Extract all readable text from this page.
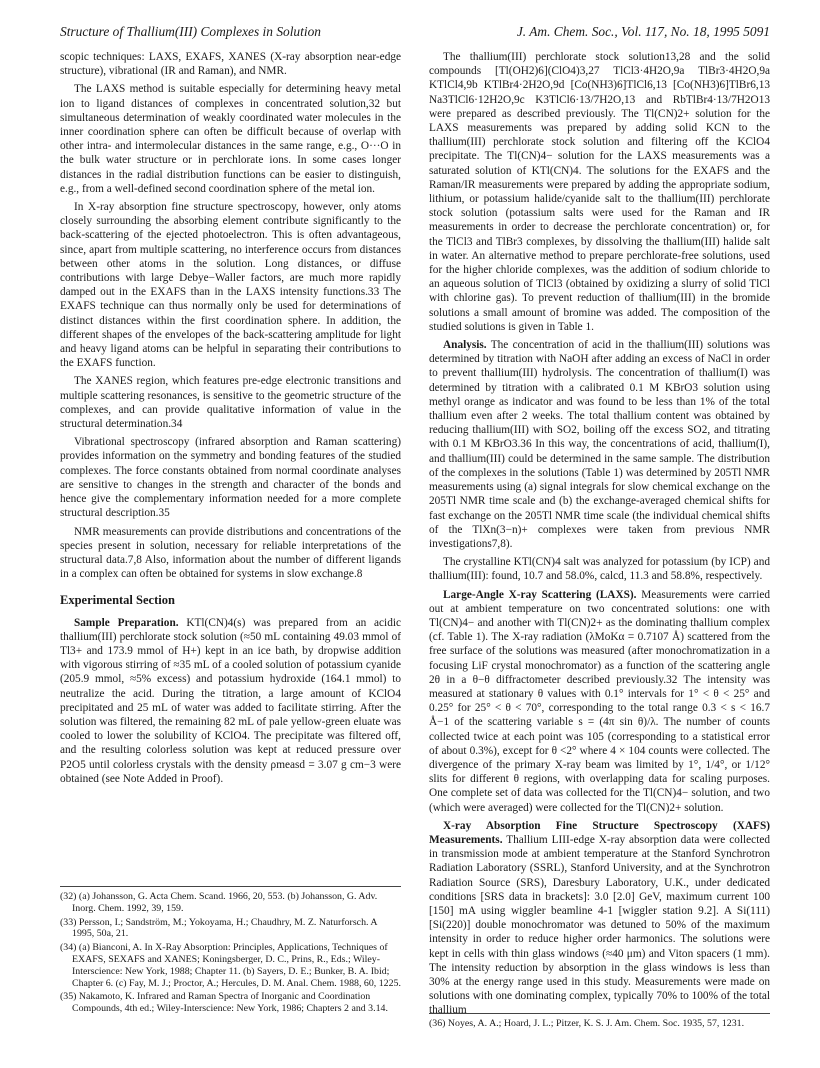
Structure of Thallium(III) Complexes in Solution	J. Am. Chem. Soc., Vol. 117, No. 18, 1995 5091

scopic techniques: LAXS, EXAFS, XANES (X-ray absorption near-edge structure), vibrational (IR and Raman), and NMR.

The LAXS method is suitable especially for determining heavy metal ion to ligand distances of complexes in concentrated solution,32 but simultaneous determination of weakly coordinated water molecules in the inner coordination sphere can often be difficult because of overlap with other intra- and intermolecular distances in the same range, e.g., O···O in the bulk water structure or in perchlorate ions. In some cases longer distances in the radial distribution functions can be easier to distinguish, e.g., from a well-defined second coordination sphere of the metal ion.

In X-ray absorption fine structure spectroscopy, however, only atoms closely surrounding the absorbing element contribute significantly to the back-scattering of the ejected photoelectron. This is often advantageous, since, apart from multiple scattering, no interference occurs from distances between other atoms in the solution. Long distances, or diffuse contributions with large Debye−Waller factors, are much more rapidly damped out in the EXAFS than in the LAXS intensity functions.33 The EXAFS technique can thus normally only be used for determinations of distinct distances within the first coordination sphere. In addition, the different shapes of the envelopes of the back-scattering amplitude for light and heavy ligand atoms can be helpful in separating their contributions to the EXAFS function.

The XANES region, which features pre-edge electronic transitions and multiple scattering resonances, is sensitive to the geometric structure of the complexes, and can provide qualitative information of value in the structural determination.34

Vibrational spectroscopy (infrared absorption and Raman scattering) provides information on the symmetry and bonding features of the studied complexes. The force constants obtained from normal coordinate analyses are sensitive to changes in the strength and character of the bonds and hence give the complementary information needed for a more complete structural description.35

NMR measurements can provide distributions and concentrations of the species present in solution, necessary for reliable interpretations of the structural data.7,8 Also, information about the number of different ligands in a complex can often be obtained for systems in slow exchange.8

Experimental Section

Sample Preparation. KTl(CN)4(s) was prepared from an acidic thallium(III) perchlorate stock solution (≈50 mL containing 49.03 mmol of Tl3+ and 173.9 mmol of H+) kept in an ice bath, by dropwise addition with vigorous stirring of ≈35 mL of a cooled solution of potassium cyanide (205.9 mmol, ≈5% excess) and potassium hydroxide (164.1 mmol) to neutralize the acid. During the titration, a large amount of KClO4 precipitated and 25 mL of water was added to facilitate stirring. After the solution was filtered, the remaining 82 mL of pale yellow-green eluate was cooled to lower the solubility of KClO4. The precipitate was filtered off, and the resulting colorless solution was kept at reduced pressure over P2O5 until colorless crystals with the density ρmeasd = 3.07 g cm−3 were obtained (see Note Added in Proof).

(32) (a) Johansson, G. Acta Chem. Scand. 1966, 20, 553. (b) Johansson, G. Adv. Inorg. Chem. 1992, 39, 159.

(33) Persson, I.; Sandström, M.; Yokoyama, H.; Chaudhry, M. Z. Naturforsch. A 1995, 50a, 21.

(34) (a) Bianconi, A. In X-Ray Absorption: Principles, Applications, Techniques of EXAFS, SEXAFS and XANES; Koningsberger, D. C., Prins, R., Eds.; Wiley-Interscience: New York, 1988; Chapter 11. (b) Sayers, D. E.; Bunker, B. A. Ibid; Chapter 6. (c) Fay, M. J.; Proctor, A.; Hercules, D. M. Anal. Chem. 1988, 60, 1225.

(35) Nakamoto, K. Infrared and Raman Spectra of Inorganic and Coordination Compounds, 4th ed.; Wiley-Interscience: New York, 1986; Chapters 2 and 3.14.

The thallium(III) perchlorate stock solution13,28 and the solid compounds [Tl(OH2)6](ClO4)3,27 TlCl3·4H2O,9a TlBr3·4H2O,9a KTlCl4,9b KTlBr4·2H2O,9d [Co(NH3)6]TlCl6,13 [Co(NH3)6]TlBr6,13 Na3TlCl6·12H2O,9c K3TlCl6·13/7H2O,13 and RbTlBr4·13/7H2O13 were prepared as described previously. The Tl(CN)2+ solution for the LAXS measurements was prepared by adding solid KCN to the thallium(III) perchlorate stock solution and filtering off the KClO4 precipitate. The Tl(CN)4− solution for the LAXS measurements was a saturated solution of KTl(CN)4. The solutions for the EXAFS and the Raman/IR measurements were prepared by adding the appropriate sodium, lithium, or potassium halide/cyanide salt to the thallium(III) perchlorate stock solution (potassium salts were used for the Raman and IR measurements in order to decrease the perchlorate concentration) or, for the TlCl3 and TlBr3 complexes, by dissolving the thallium(III) halide salt in water. An alternative method to prepare perchlorate-free solutions, used for the higher chloride complexes, was the addition of sodium chloride to an aqueous solution of TlCl3 (obtained by oxidizing a slurry of solid TlCl with chlorine gas). To prevent reduction of thallium(III) in the bromide solutions a small amount of bromine was added. The composition of the studied solutions is given in Table 1.

Analysis. The concentration of acid in the thallium(III) solutions was determined by titration with NaOH after adding an excess of NaCl in order to prevent thallium(III) hydrolysis. The concentration of thallium(I) was determined by titration with a calibrated 0.1 M KBrO3 solution using methyl orange as indicator and was found to be less than 1% of the total thallium even after 2 weeks. The total thallium content was obtained by reducing thallium(III) with SO2, boiling off the excess SO2, and titrating with 0.1 M KBrO3.36 In this way, the concentrations of acid, thallium(I), and thallium(III) could be determined in the same sample. The distribution of the complexes in the solutions (Table 1) was determined by 205Tl NMR measurements using (a) signal integrals for slow chemical exchange on the 205Tl NMR time scale and (b) the exchange-averaged chemical shifts for fast exchange on the 205Tl NMR time scale (the individual chemical shifts of the TlXn(3−n)+ complexes were taken from previous NMR investigations7,8).

The crystalline KTl(CN)4 salt was analyzed for potassium (by ICP) and thallium(III): found, 10.7 and 58.0%, calcd, 11.3 and 58.8%, respectively.

Large-Angle X-ray Scattering (LAXS). Measurements were carried out at ambient temperature on two concentrated solutions: one with Tl(CN)4− and another with Tl(CN)2+ as the dominating thallium complex (cf. Table 1). The X-ray radiation (λMoKα = 0.7107 Å) scattered from the free surface of the solutions was measured (after monochromatization in a focusing LiF crystal monochromator) as a function of the scattering angle 2θ in a θ−θ diffractometer described previously.32 The intensity was measured at stationary θ values with 0.1° intervals for 1° < θ < 25° and 0.25° for 25° < θ < 70°, corresponding to the total range 0.3 < s < 16.7 Å−1 of the scattering variable s = (4π sin θ)/λ. The number of counts collected twice at each point was 105 (corresponding to a statistical error of about 0.3%), except for θ <2° where 4 × 104 counts were collected. The divergence of the primary X-ray beam was limited by 1°, 1/4°, or 1/12° slits for different θ regions, with overlapping data for scaling purposes. One complete set of data was collected for the Tl(CN)4− solution, and two (which were averaged) were collected for the Tl(CN)2+ solution.

X-ray Absorption Fine Structure Spectroscopy (XAFS) Measurements. Thallium LIII-edge X-ray absorption data were collected in transmission mode at ambient temperature at the Stanford Synchrotron Radiation Laboratory (SSRL), Stanford University, and at the Synchrotron Radiation Source (SRS), Daresbury Laboratory, U.K., under dedicated conditions [SRS data in brackets]: 3.0 [2.0] GeV, maximum current 100 [150] mA using wiggler beamline 4-1 [wiggler station 9.2]. A Si(111) [Si(220)] double monochromator was detuned to 50% of the maximum intensity in order to reduce higher order harmonics. The solutions were kept in cells with thin glass windows (≈40 μm) and Viton spacers (1 mm). The intensity reduction by absorption in the glass windows is less than 30% at the energy range used in this study. Measurements were made on solutions with one dominating complex, typically 70% to 100% of the total thallium

(36) Noyes, A. A.; Hoard, J. L.; Pitzer, K. S. J. Am. Chem. Soc. 1935, 57, 1231.
